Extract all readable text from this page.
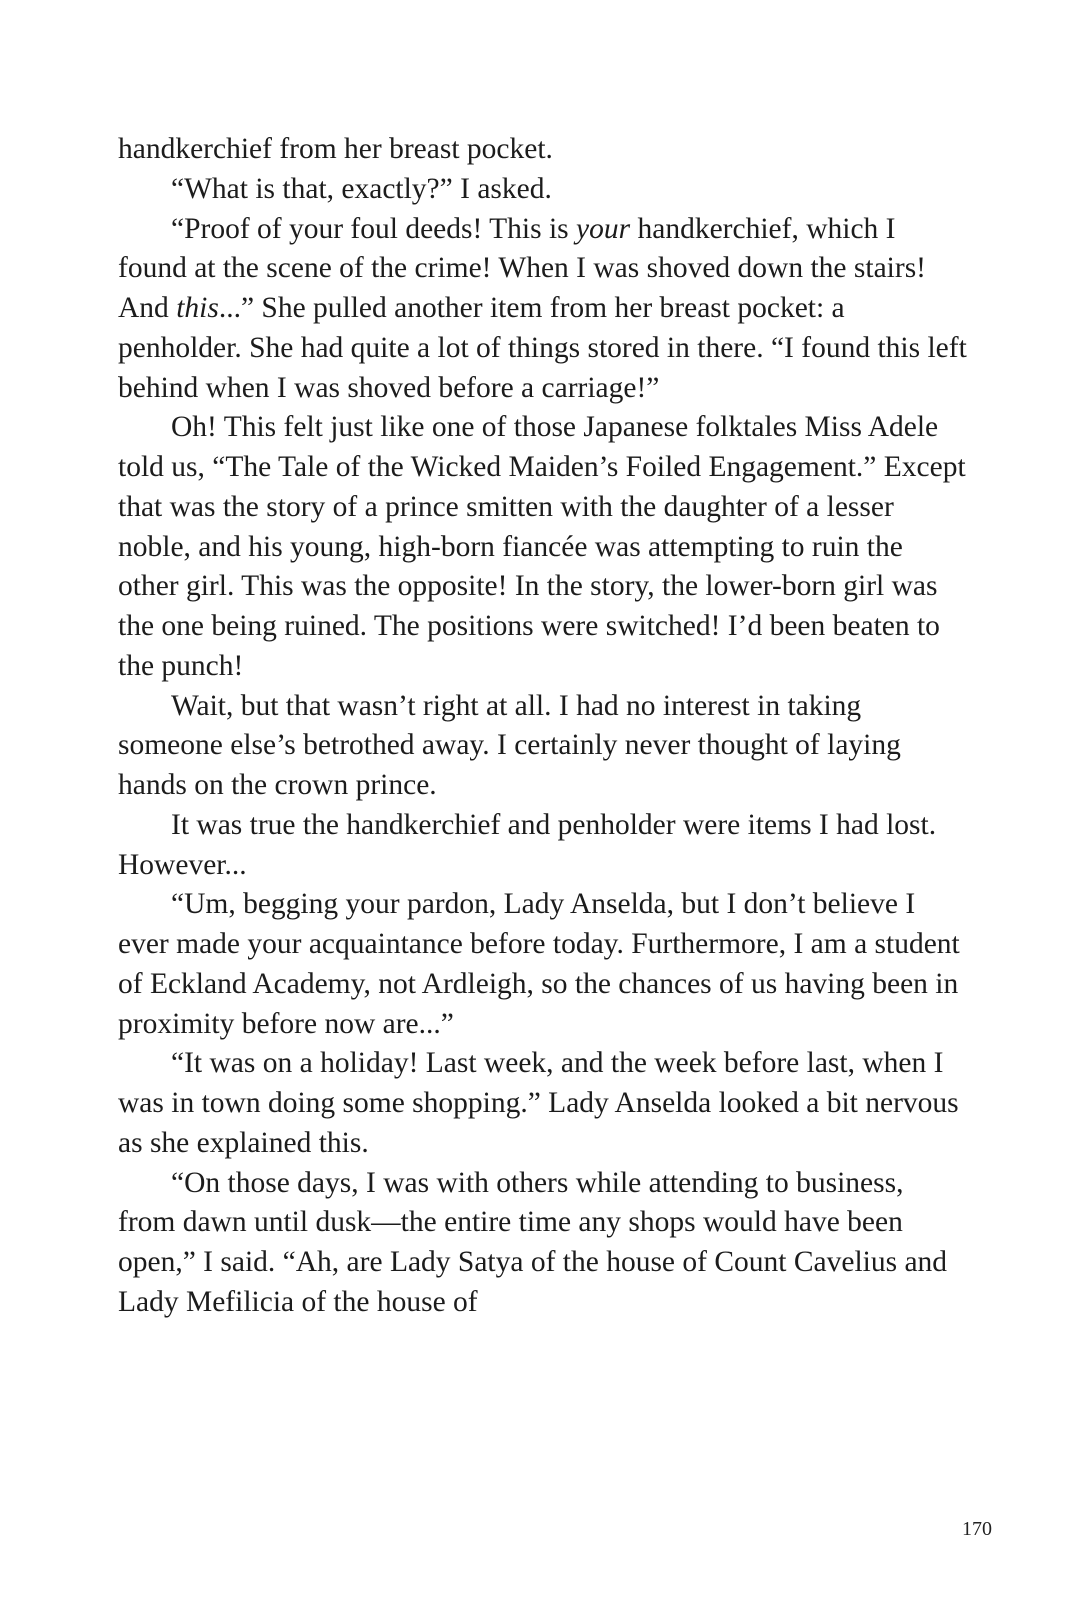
handkerchief from her breast pocket.

“What is that, exactly?” I asked.

“Proof of your foul deeds! This is your handkerchief, which I found at the scene of the crime! When I was shoved down the stairs! And this...” She pulled another item from her breast pocket: a penholder. She had quite a lot of things stored in there. “I found this left behind when I was shoved before a carriage!”

Oh! This felt just like one of those Japanese folktales Miss Adele told us, “The Tale of the Wicked Maiden’s Foiled Engagement.” Except that was the story of a prince smitten with the daughter of a lesser noble, and his young, high-born fiancée was attempting to ruin the other girl. This was the opposite! In the story, the lower-born girl was the one being ruined. The positions were switched! I’d been beaten to the punch!

Wait, but that wasn’t right at all. I had no interest in taking someone else’s betrothed away. I certainly never thought of laying hands on the crown prince.

It was true the handkerchief and penholder were items I had lost. However...

“Um, begging your pardon, Lady Anselda, but I don’t believe I ever made your acquaintance before today. Furthermore, I am a student of Eckland Academy, not Ardleigh, so the chances of us having been in proximity before now are...”

“It was on a holiday! Last week, and the week before last, when I was in town doing some shopping.” Lady Anselda looked a bit nervous as she explained this.

“On those days, I was with others while attending to business, from dawn until dusk—the entire time any shops would have been open,” I said. “Ah, are Lady Satya of the house of Count Cavelius and Lady Mefilicia of the house of

170
